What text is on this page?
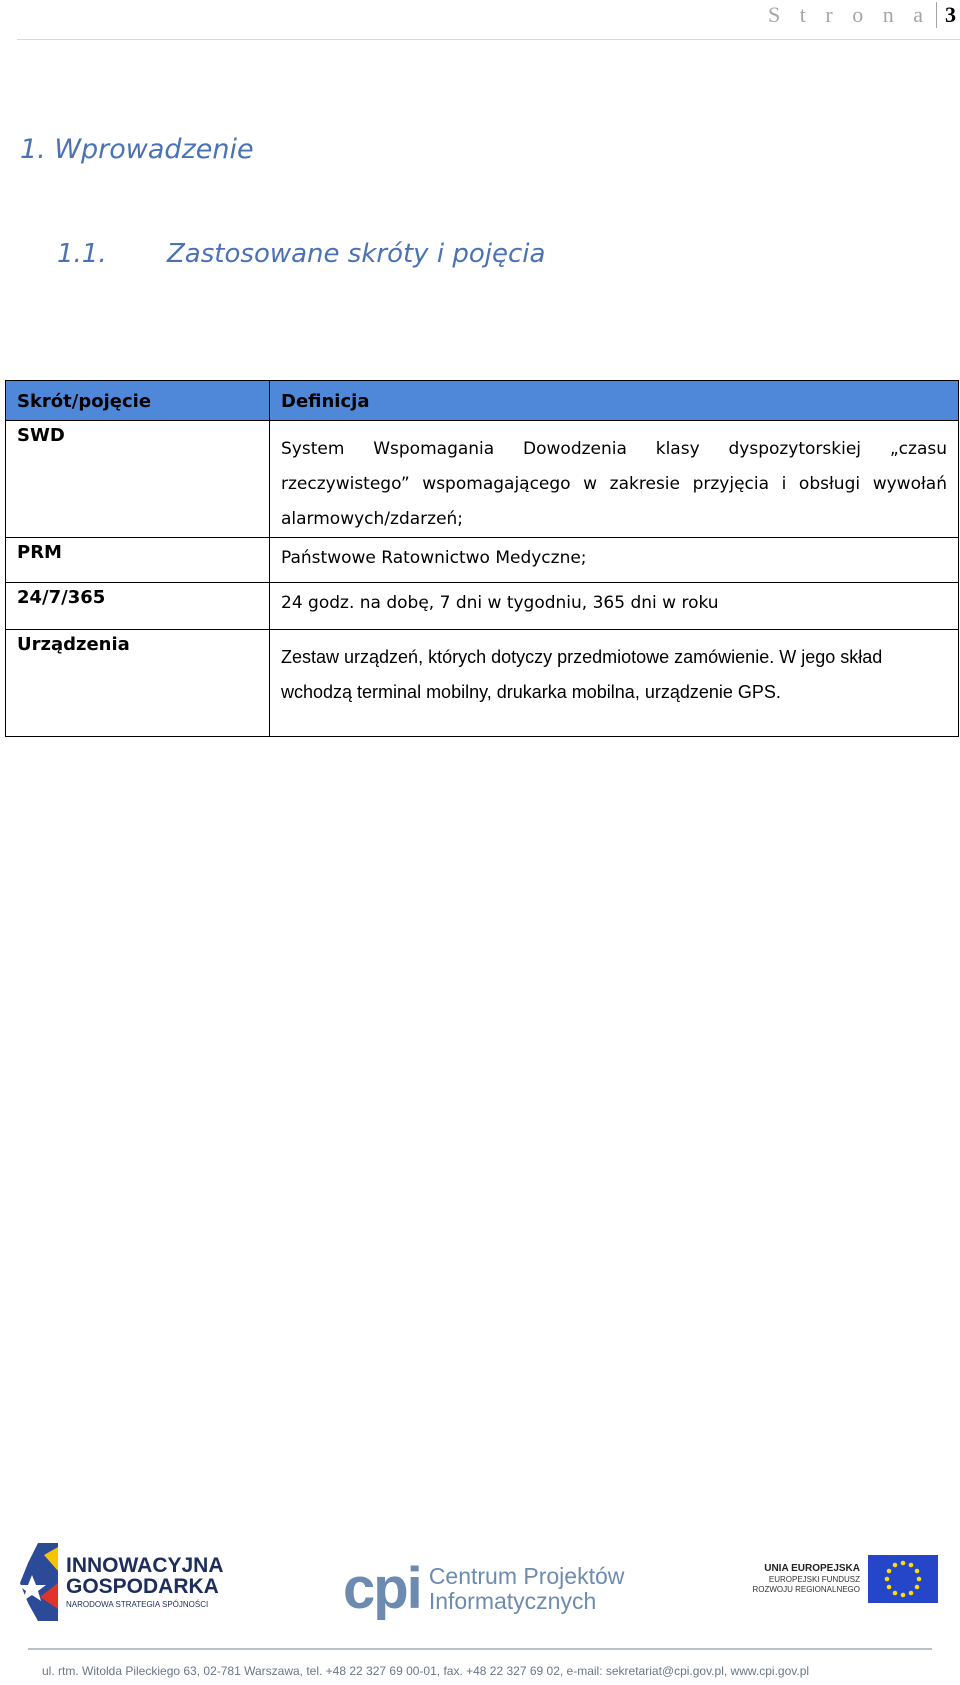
S t r o n a 3
1. Wprowadzenie
1.1.	Zastosowane skróty i pojęcia
Skrót/pojęcie	Definicja
SWD	System Wspomagania Dowodzenia klasy dyspozytorskiej „czasu rzeczywistego” wspomagającego w zakresie przyjęcia i obsługi wywołań alarmowych/zdarzeń;
PRM	Państwowe Ratownictwo Medyczne;
24/7/365	24 godz. na dobę, 7 dni w tygodniu, 365 dni w roku
Urządzenia	Zestaw urządzeń, których dotyczy przedmiotowe zamówienie. W jego skład wchodzą terminal mobilny, drukarka mobilna, urządzenie GPS.
INNOWACYJNA
GOSPODARKA
NARODOWA STRATEGIA SPÓJNOŚCI cpi Centrum Projektów
Informatycznych
UNIA EUROPEJSKA
EUROPEJSKI FUNDUSZ
ROZWOJU REGIONALNEGO
ul. rtm. Witolda Pileckiego 63, 02-781 Warszawa, tel. +48 22 327 69 00-01, fax. +48 22 327 69 02, e-mail: sekretariat@cpi.gov.pl, www.cpi.gov.pl
